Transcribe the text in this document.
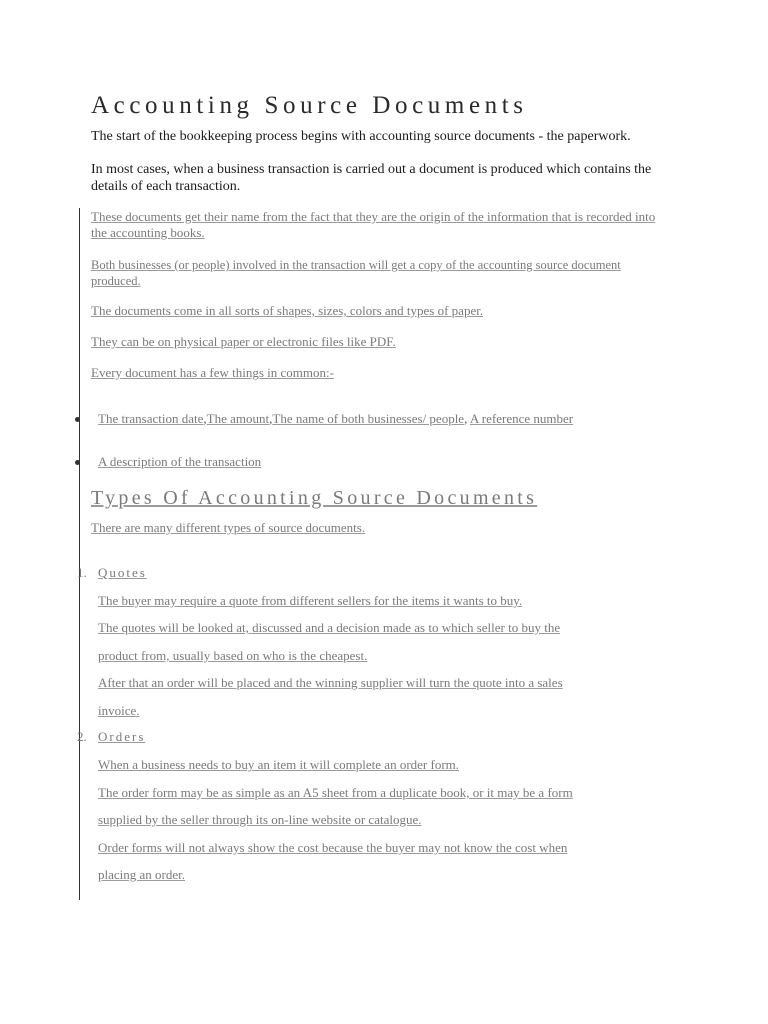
Accounting Source Documents

The start of the bookkeeping process begins with accounting source documents - the paperwork.

In most cases, when a business transaction is carried out a document is produced which contains the details of each transaction.

These documents get their name from the fact that they are the origin of the information that is recorded into the accounting books.

Both businesses (or people) involved in the transaction will get a copy of the accounting source document produced.

The documents come in all sorts of shapes, sizes, colors and types of paper.

They can be on physical paper or electronic files like PDF.

Every document has a few things in common:-

The transaction date,The amount,The name of both businesses/ people, A reference number

A description of the transaction

Types Of Accounting Source Documents

There are many different types of source documents.

1. Quotes

The buyer may require a quote from different sellers for the items it wants to buy.

The quotes will be looked at, discussed and a decision made as to which seller to buy the

product from, usually based on who is the cheapest.

After that an order will be placed and the winning supplier will turn the quote into a sales

invoice.

2. Orders

When a business needs to buy an item it will complete an order form.

The order form may be as simple as an A5 sheet from a duplicate book, or it may be a form

supplied by the seller through its on-line website or catalogue.

Order forms will not always show the cost because the buyer may not know the cost when

placing an order.
